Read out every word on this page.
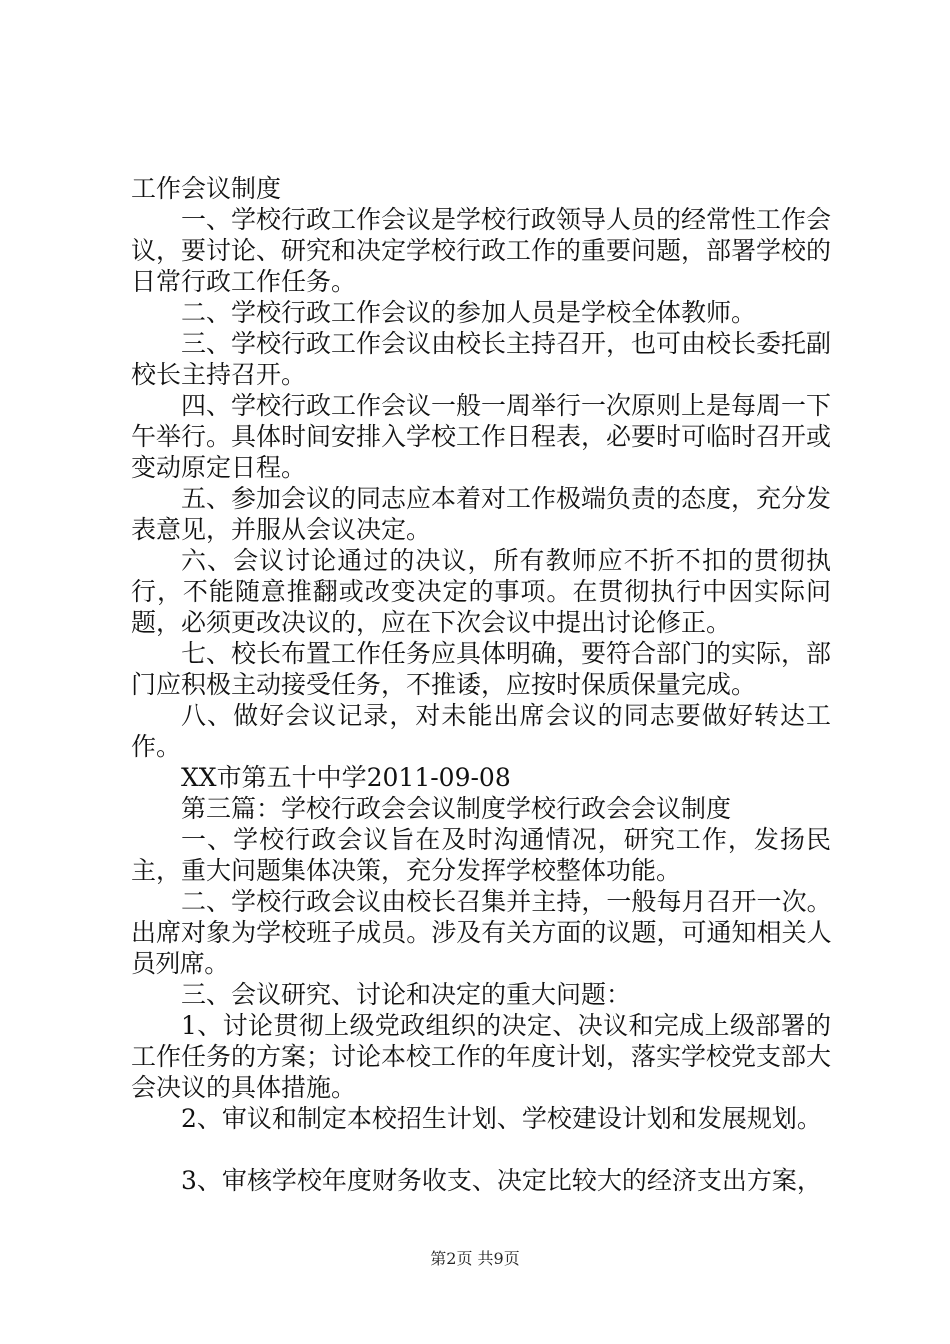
工作会议制度

一、学校行政工作会议是学校行政领导人员的经常性工作会议，要讨论、研究和决定学校行政工作的重要问题，部署学校的日常行政工作任务。

二、学校行政工作会议的参加人员是学校全体教师。

三、学校行政工作会议由校长主持召开，也可由校长委托副校长主持召开。

四、学校行政工作会议一般一周举行一次原则上是每周一下午举行。具体时间安排入学校工作日程表，必要时可临时召开或变动原定日程。

五、参加会议的同志应本着对工作极端负责的态度，充分发表意见，并服从会议决定。

六、会议讨论通过的决议，所有教师应不折不扣的贯彻执行，不能随意推翻或改变决定的事项。在贯彻执行中因实际问题，必须更改决议的，应在下次会议中提出讨论修正。

七、校长布置工作任务应具体明确，要符合部门的实际，部门应积极主动接受任务，不推诿，应按时保质保量完成。

八、做好会议记录，对未能出席会议的同志要做好转达工作。

XX市第五十中学2011-09-08

第三篇：学校行政会会议制度学校行政会会议制度

一、学校行政会议旨在及时沟通情况，研究工作，发扬民主，重大问题集体决策，充分发挥学校整体功能。

二、学校行政会议由校长召集并主持，一般每月召开一次。出席对象为学校班子成员。涉及有关方面的议题，可通知相关人员列席。

三、会议研究、讨论和决定的重大问题：

1、讨论贯彻上级党政组织的决定、决议和完成上级部署的工作任务的方案；讨论本校工作的年度计划，落实学校党支部大会决议的具体措施。

2、审议和制定本校招生计划、学校建设计划和发展规划。

3、审核学校年度财务收支、决定比较大的经济支出方案，

第2页 共9页
